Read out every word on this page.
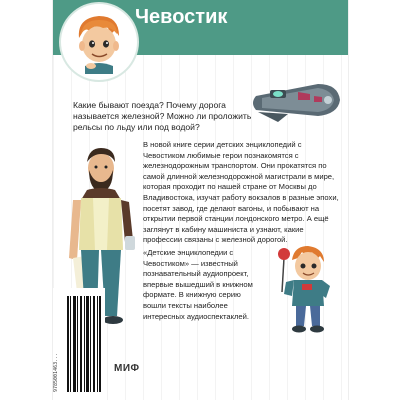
Чевостик
Какие бывают поезда? Почему дорога называется железной? Можно ли проложить рельсы по льду или под водой?
В новой книге серии детских энциклопедий с Чевостиком любимые герои познакомятся с железнодорожным транспортом. Они прокатятся по самой длинной железнодорожной магистрали в мире, которая проходит по нашей стране от Москвы до Владивостока, изучат работу вокзалов в разные эпохи, посетят завод, где делают вагоны, и побывают на открытии первой станции лондонского метро. А ещё заглянут в кабину машиниста и узнают, какие профессии связаны с железной дорогой.
«Детские энциклопедии с Чевостиком» — известный познавательный аудиопроект, впервые вышедший в книжном формате. В книжную серию вошли тексты наиболее интересных аудиоспектаклей.
9785001463...	МИФ
